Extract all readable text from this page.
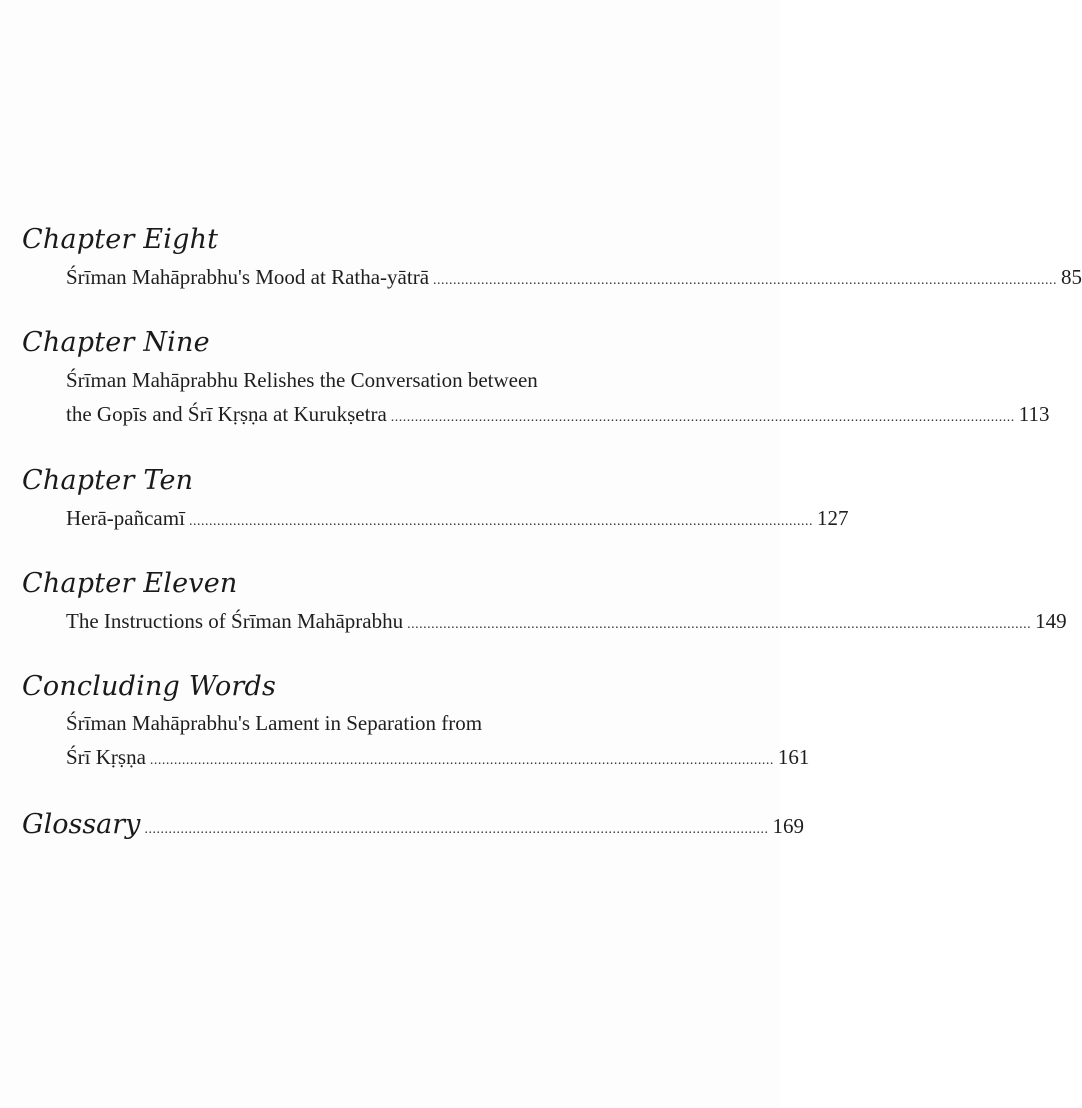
Chapter Eight
Śrīman Mahāprabhu's Mood at Ratha-yātrā ............................................................................................................................................................ 85
Chapter Nine
Śrīman Mahāprabhu Relishes the Conversation between
the Gopīs and Śrī Kṛṣṇa at Kurukṣetra ............................................................................................................................................................ 113
Chapter Ten
Herā-pañcamī ............................................................................................................................................................ 127
Chapter Eleven
The Instructions of Śrīman Mahāprabhu ............................................................................................................................................................ 149
Concluding Words
Śrīman Mahāprabhu's Lament in Separation from
Śrī Kṛṣṇa ............................................................................................................................................................ 161
Glossary ............................................................................................................................................................ 169
